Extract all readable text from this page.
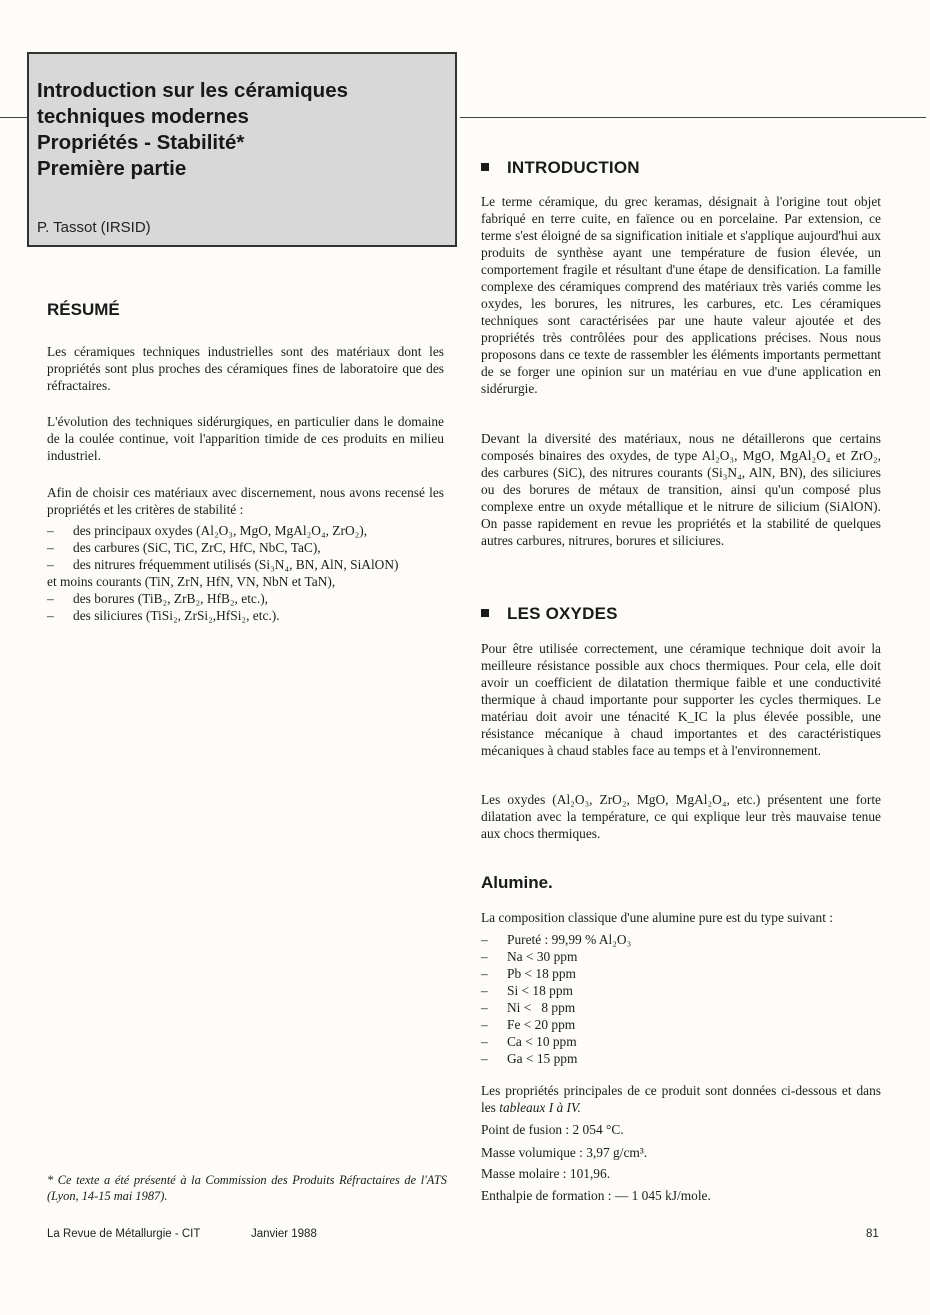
Introduction sur les céramiques
techniques modernes
Propriétés - Stabilité*
Première partie
P. Tassot (IRSID)
RÉSUMÉ

Les céramiques techniques industrielles sont des matériaux dont les propriétés sont plus proches des céramiques fines de laboratoire que des réfractaires.

L'évolution des techniques sidérurgiques, en particulier dans le domaine de la coulée continue, voit l'apparition timide de ces produits en milieu industriel.

Afin de choisir ces matériaux avec discernement, nous avons recensé les propriétés et les critères de stabilité :

– des principaux oxydes (Al₂O₃, MgO, MgAl₂O₄, ZrO₂),
– des carbures (SiC, TiC, ZrC, HfC, NbC, TaC),
– des nitrures fréquemment utilisés (Si₃N₄, BN, AlN, SiAlON)
et moins courants (TiN, ZrN, HfN, VN, NbN et TaN),
– des borures (TiB₂, ZrB₂, HfB₂, etc.),
– des siliciures (TiSi₂, ZrSi₂,HfSi₂, etc.).

* Ce texte a été présenté à la Commission des Produits Réfractaires de l'ATS (Lyon, 14-15 mai 1987).

INTRODUCTION

Le terme céramique, du grec keramas, désignait à l'origine tout objet fabriqué en terre cuite, en faïence ou en porcelaine. Par extension, ce terme s'est éloigné de sa signification initiale et s'applique aujourd'hui aux produits de synthèse ayant une température de fusion élevée, un comportement fragile et résultant d'une étape de densification. La famille complexe des céramiques comprend des matériaux très variés comme les oxydes, les borures, les nitrures, les carbures, etc. Les céramiques techniques sont caractérisées par une haute valeur ajoutée et des propriétés très contrôlées pour des applications précises. Nous nous proposons dans ce texte de rassembler les éléments importants permettant de se forger une opinion sur un matériau en vue d'une application en sidérurgie.

Devant la diversité des matériaux, nous ne détaillerons que certains composés binaires des oxydes, de type Al₂O₃, MgO, MgAl₂O₄ et ZrO₂, des carbures (SiC), des nitrures courants (Si₃N₄, AlN, BN), des siliciures ou des borures de métaux de transition, ainsi qu'un composé plus complexe entre un oxyde métallique et le nitrure de silicium (SiAlON). On passe rapidement en revue les propriétés et la stabilité de quelques autres carbures, nitrures, borures et siliciures.

LES OXYDES

Pour être utilisée correctement, une céramique technique doit avoir la meilleure résistance possible aux chocs thermiques. Pour cela, elle doit avoir un coefficient de dilatation thermique faible et une conductivité thermique à chaud importante pour supporter les cycles thermiques. Le matériau doit avoir une ténacité K_IC la plus élevée possible, une résistance mécanique à chaud importantes et des caractéristiques mécaniques à chaud stables face au temps et à l'environnement.

Les oxydes (Al₂O₃, ZrO₂, MgO, MgAl₂O₄, etc.) présentent une forte dilatation avec la température, ce qui explique leur très mauvaise tenue aux chocs thermiques.

Alumine.
La composition classique d'une alumine pure est du type suivant :
– Pureté : 99,99 % Al₂O₃
– Na < 30 ppm
– Pb < 18 ppm
– Si < 18 ppm
– Ni <   8 ppm
– Fe < 20 ppm
– Ca < 10 ppm
– Ga < 15 ppm

Les propriétés principales de ce produit sont données ci-dessous et dans les tableaux I à IV.

Point de fusion : 2 054 °C.
Masse volumique : 3,97 g/cm³.
Masse molaire : 101,96.
Enthalpie de formation : — 1 045 kJ/mole.
La Revue de Métallurgie - CIT	Janvier 1988	81
